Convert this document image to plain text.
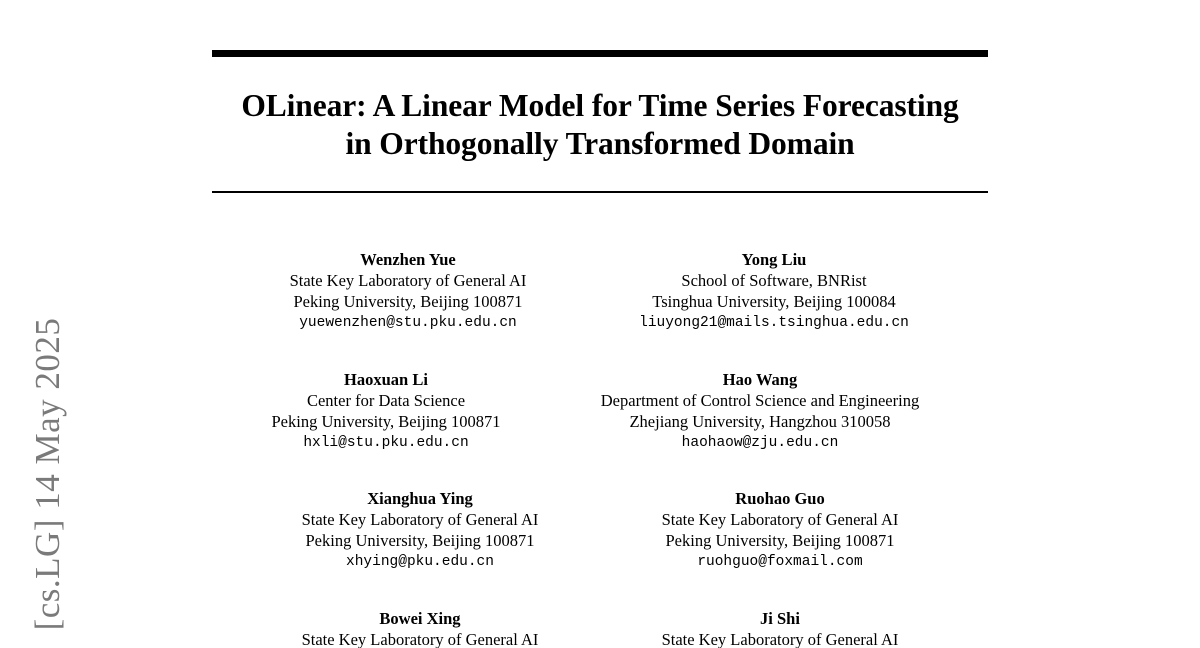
[cs.LG] 14 May 2025
OLinear: A Linear Model for Time Series Forecasting
in Orthogonally Transformed Domain
Wenzhen Yue
State Key Laboratory of General AI
Peking University, Beijing 100871
yuewenzhen@stu.pku.edu.cn
Yong Liu
School of Software, BNRist
Tsinghua University, Beijing 100084
liuyong21@mails.tsinghua.edu.cn
Haoxuan Li
Center for Data Science
Peking University, Beijing 100871
hxli@stu.pku.edu.cn
Hao Wang
Department of Control Science and Engineering
Zhejiang University, Hangzhou 310058
haohaow@zju.edu.cn
Xianghua Ying
State Key Laboratory of General AI
Peking University, Beijing 100871
xhying@pku.edu.cn
Ruohao Guo
State Key Laboratory of General AI
Peking University, Beijing 100871
ruohguo@foxmail.com
Bowei Xing
State Key Laboratory of General AI
Ji Shi
State Key Laboratory of General AI
